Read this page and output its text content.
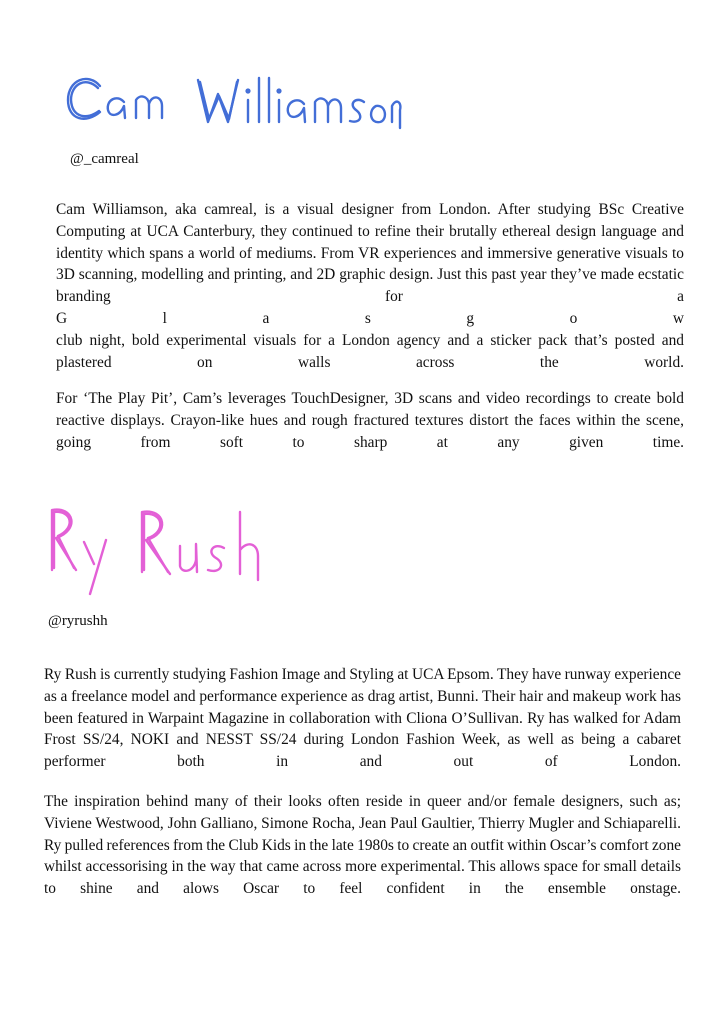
@_camreal

Cam Williamson, aka camreal, is a visual designer from London. After studying BSc Creative Computing at UCA Canterbury, they continued to refine their brutally ethereal design language and identity which spans a world of mediums. From VR experiences and immersive generative visuals to 3D scanning, modelling and printing, and 2D graphic design. Just this past year they’ve made ecstatic branding for a

G	l	a	s	g	o	w

club night, bold experimental visuals for a London agency and a sticker pack that’s posted and plastered on walls across the world.

For ‘The Play Pit’, Cam’s leverages TouchDesigner, 3D scans and video recordings to create bold reactive displays. Crayon-like hues and rough fractured textures distort the faces within the scene, going from soft to sharp at any given time.

@ryrushh

Ry Rush is currently studying Fashion Image and Styling at UCA Epsom. They have runway experience as a freelance model and performance experience as drag artist, Bunni. Their hair and makeup work has been featured in Warpaint Magazine in collaboration with Cliona O’Sullivan. Ry has walked for Adam Frost SS/24, NOKI and NESST SS/24 during London Fashion Week, as well as being a cabaret performer both in and out of London.

The inspiration behind many of their looks often reside in queer and/or female designers, such as; Viviene Westwood, John Galliano, Simone Rocha, Jean Paul Gaultier, Thierry Mugler and Schiaparelli. Ry pulled references from the Club Kids in the late 1980s to create an outfit within Oscar’s comfort zone whilst accessorising in the way that came across more experimental. This allows space for small details to shine and alows Oscar to feel confident in the ensemble onstage.
